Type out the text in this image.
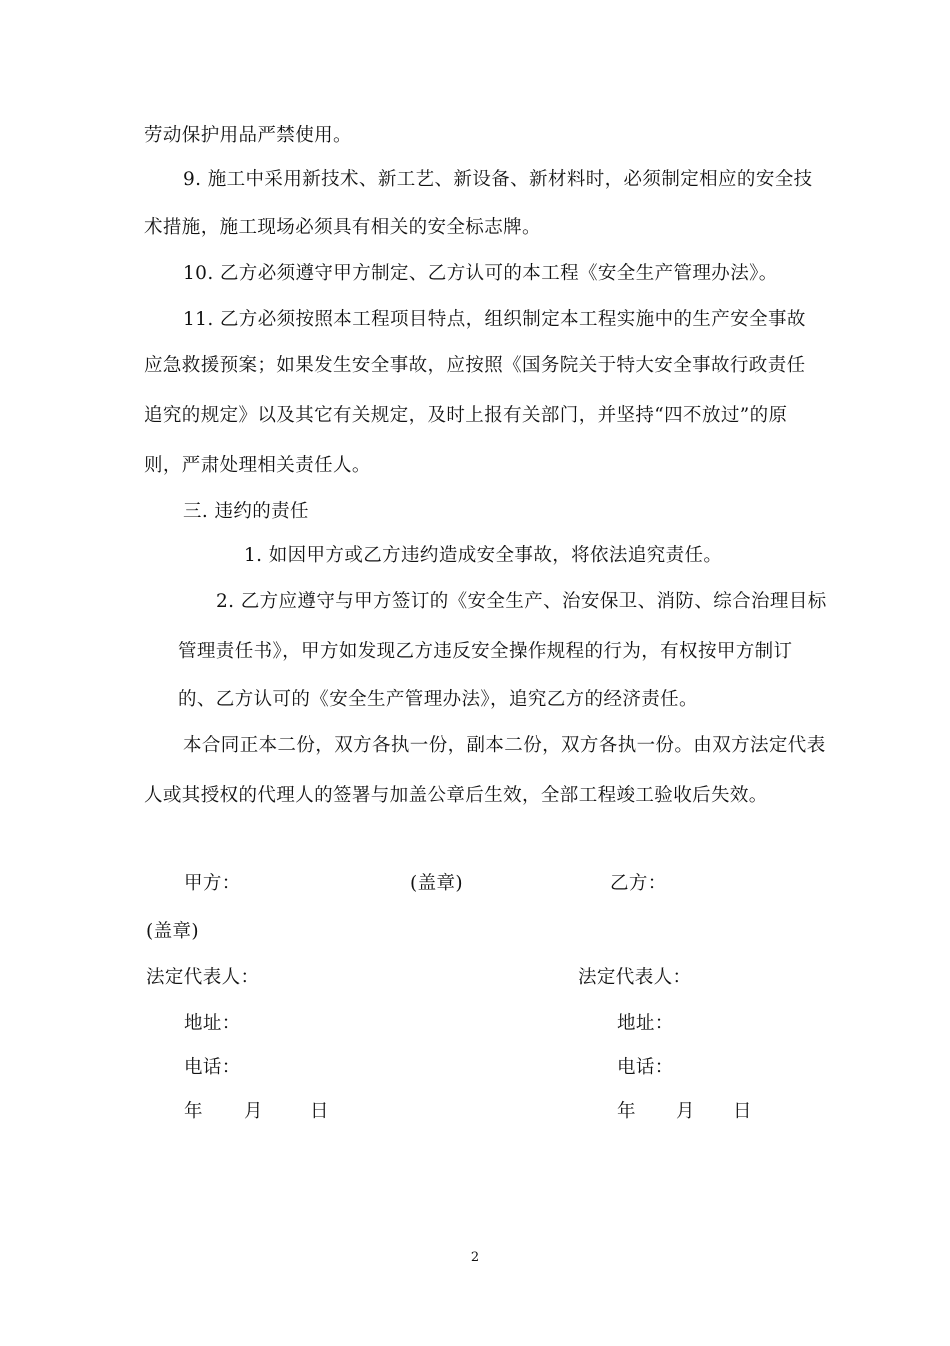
劳动保护用品严禁使用。
9. 施工中采用新技术、新工艺、新设备、新材料时，必须制定相应的安全技
术措施，施工现场必须具有相关的安全标志牌。
10. 乙方必须遵守甲方制定、乙方认可的本工程《安全生产管理办法》。
11. 乙方必须按照本工程项目特点，组织制定本工程实施中的生产安全事故
应急救援预案；如果发生安全事故，应按照《国务院关于特大安全事故行政责任
追究的规定》以及其它有关规定，及时上报有关部门，并坚持“四不放过”的原
则，严肃处理相关责任人。
三. 违约的责任
1. 如因甲方或乙方违约造成安全事故，将依法追究责任。
2. 乙方应遵守与甲方签订的《安全生产、治安保卫、消防、综合治理目标
管理责任书》，甲方如发现乙方违反安全操作规程的行为，有权按甲方制订
的、乙方认可的《安全生产管理办法》，追究乙方的经济责任。
本合同正本二份，双方各执一份，副本二份，双方各执一份。由双方法定代表
人或其授权的代理人的签署与加盖公章后生效，全部工程竣工验收后失效。
甲方：	(盖章)	乙方：
(盖章)
法定代表人：	法定代表人：
地址：	地址：
电话：	电话：
年 月	日	年 月 日
2
